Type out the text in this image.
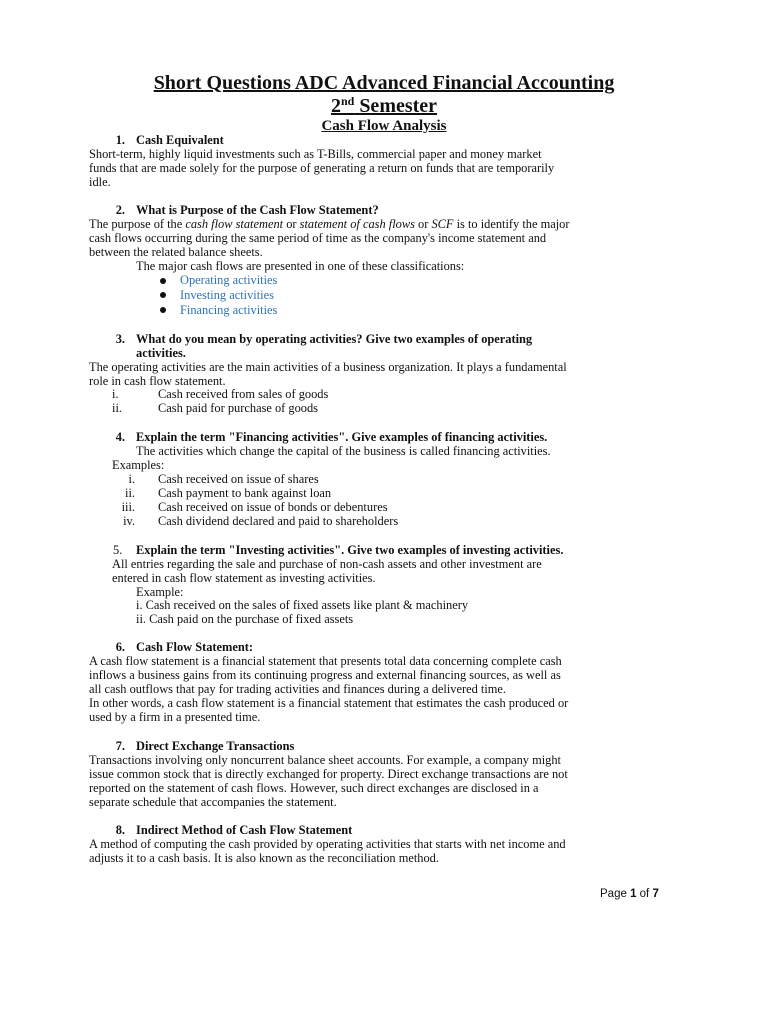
Short Questions ADC Advanced Financial Accounting
2nd Semester
Cash Flow Analysis
1. Cash Equivalent
Short-term, highly liquid investments such as T-Bills, commercial paper and money market
funds that are made solely for the purpose of generating a return on funds that are temporarily
idle.
2. What is Purpose of the Cash Flow Statement?
The purpose of the cash flow statement or statement of cash flows or SCF is to identify the major
cash flows occurring during the same period of time as the company's income statement and
between the related balance sheets.
The major cash flows are presented in one of these classifications:
Operating activities
Investing activities
Financing activities
3. What do you mean by operating activities? Give two examples of operating
activities.
The operating activities are the main activities of a business organization. It plays a fundamental
role in cash flow statement.
i.	Cash received from sales of goods
ii.	Cash paid for purchase of goods
4. Explain the term "Financing activities". Give examples of financing activities.
The activities which change the capital of the business is called financing activities.
Examples:
i. Cash received on issue of shares
ii. Cash payment to bank against loan
iii. Cash received on issue of bonds or debentures
iv. Cash dividend declared and paid to shareholders
5. Explain the term "Investing activities". Give two examples of investing activities.
All entries regarding the sale and purchase of non-cash assets and other investment are
entered in cash flow statement as investing activities.
Example:
i. Cash received on the sales of fixed assets like plant & machinery
ii. Cash paid on the purchase of fixed assets
6. Cash Flow Statement:
A cash flow statement is a financial statement that presents total data concerning complete cash
inflows a business gains from its continuing progress and external financing sources, as well as
all cash outflows that pay for trading activities and finances during a delivered time.
In other words, a cash flow statement is a financial statement that estimates the cash produced or
used by a firm in a presented time.
7. Direct Exchange Transactions
Transactions involving only noncurrent balance sheet accounts. For example, a company might
issue common stock that is directly exchanged for property. Direct exchange transactions are not
reported on the statement of cash flows. However, such direct exchanges are disclosed in a
separate schedule that accompanies the statement.
8. Indirect Method of Cash Flow Statement
A method of computing the cash provided by operating activities that starts with net income and
adjusts it to a cash basis. It is also known as the reconciliation method.
Page 1 of 7
